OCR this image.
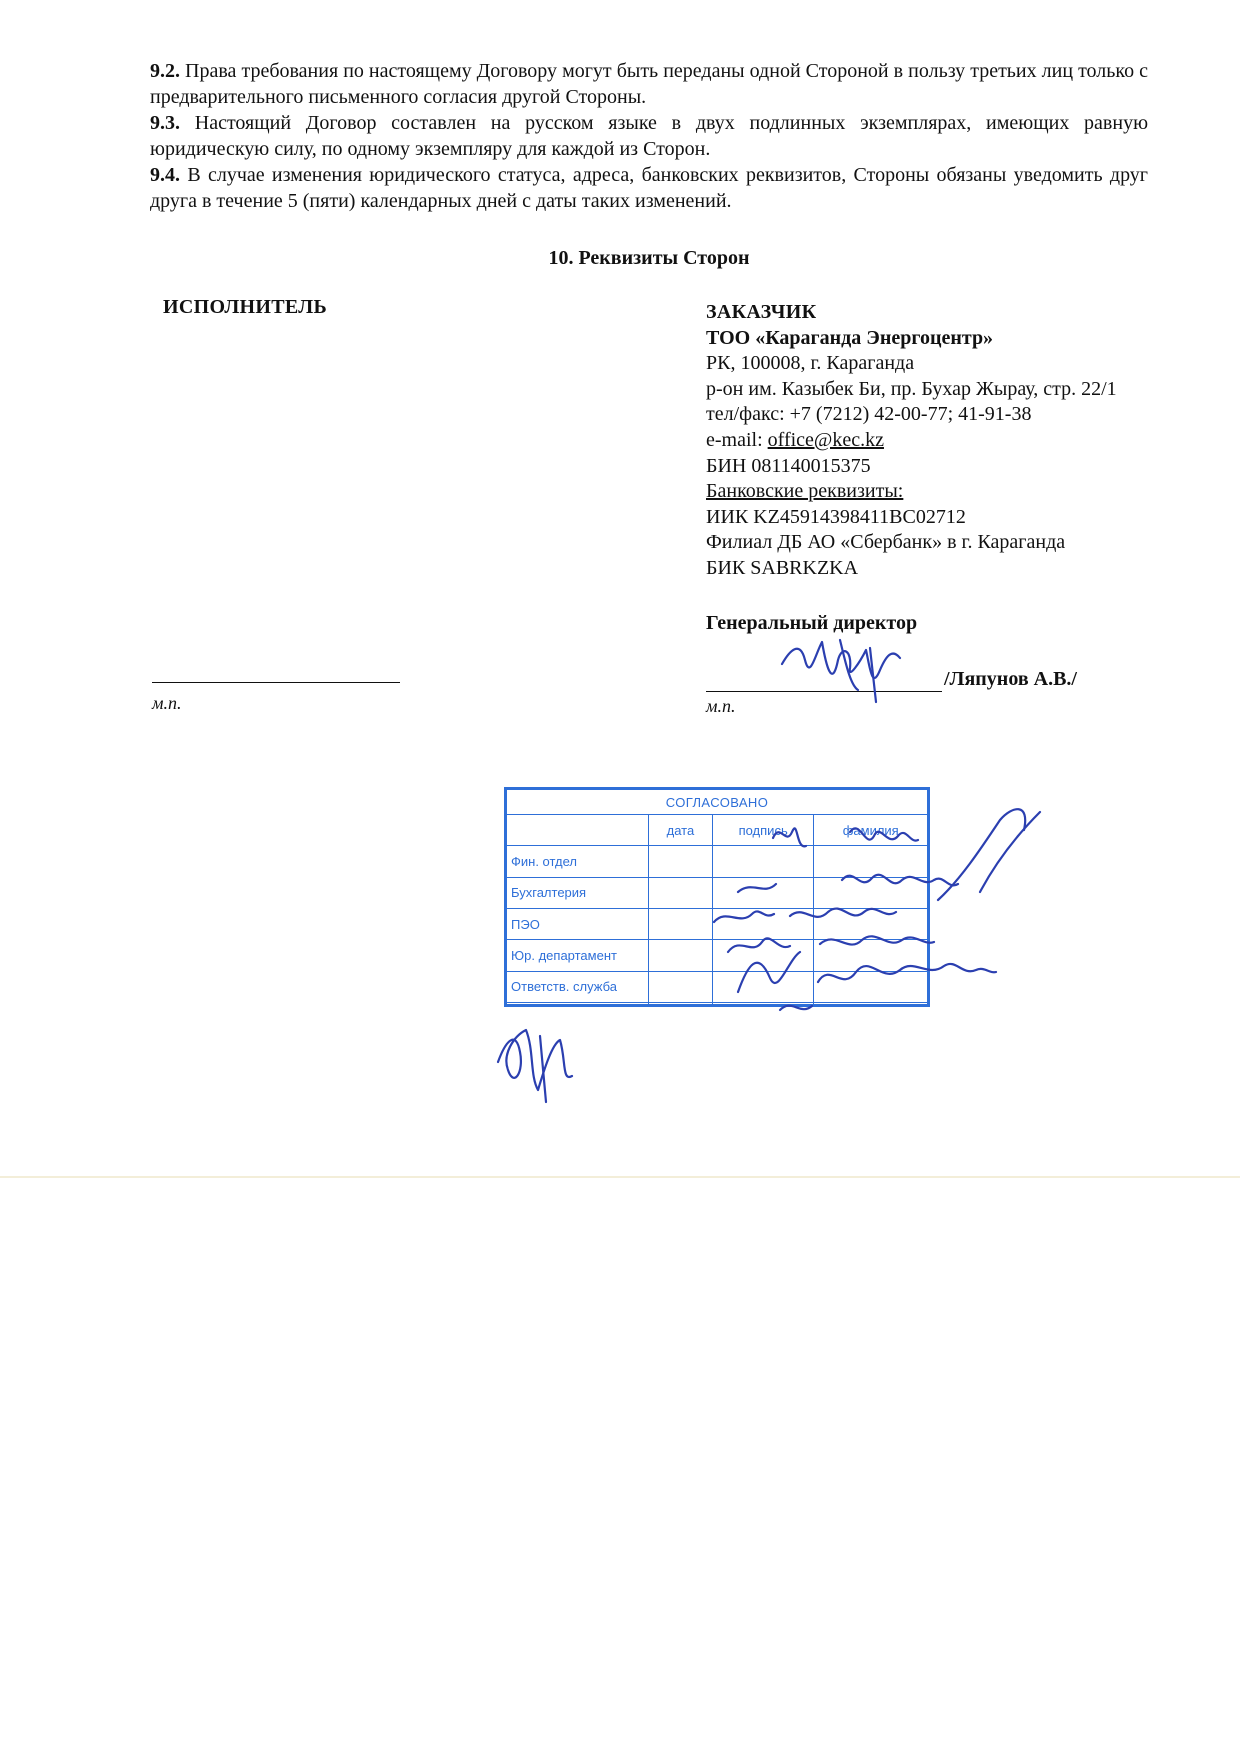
9.2. Права требования по настоящему Договору могут быть переданы одной Стороной в пользу третьих лиц только с предварительного письменного согласия другой Стороны.

9.3. Настоящий Договор составлен на русском языке в двух подлинных экземплярах, имеющих равную юридическую силу, по одному экземпляру для каждой из Сторон.

9.4. В случае изменения юридического статуса, адреса, банковских реквизитов, Стороны обязаны уведомить друг друга в течение 5 (пяти) календарных дней с даты таких изменений.

10. Реквизиты Сторон
ИСПОЛНИТЕЛЬ
м.п.
ЗАКАЗЧИК
ТОО «Караганда Энергоцентр»
РК, 100008, г. Караганда
р-он им. Казыбек Би, пр. Бухар Жырау, стр. 22/1
тел/факс: +7 (7212) 42-00-77; 41-91-38
e-mail: office@kec.kz
БИН 081140015375
Банковские реквизиты:
ИИК KZ45914398411BC02712
Филиал ДБ АО «Сбербанк» в г. Караганда
БИК SABRKZKA
Генеральный директор
/Ляпунов А.В./
м.п.
СОГЛАСОВАНО			
	дата	подпись	фамилия
Фин. отдел			
Бухгалтерия			
ПЭО			
Юр. департамент			
Ответств. служба			
